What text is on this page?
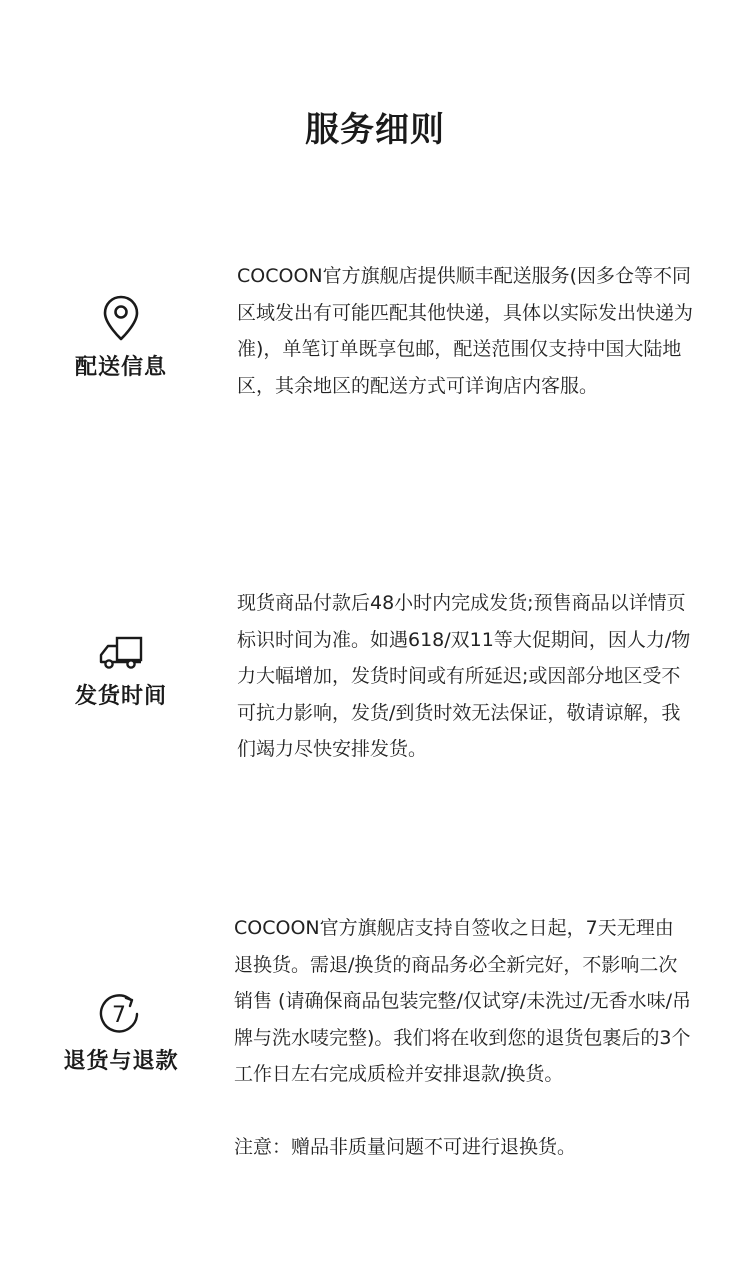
服务细则
配送信息

COCOON官方旗舰店提供顺丰配送服务(因多仓等不同区域发出有可能匹配其他快递，具体以实际发出快递为准)，单笔订单既享包邮，配送范围仅支持中国大陆地区，其余地区的配送方式可详询店内客服。

发货时间

现货商品付款后48小时内完成发货;预售商品以详情页标识时间为准。如遇618/双11等大促期间，因人力/物力大幅增加，发货时间或有所延迟;或因部分地区受不可抗力影响，发货/到货时效无法保证，敬请谅解，我们竭力尽快安排发货。

7
退货与退款

COCOON官方旗舰店支持自签收之日起，7天无理由退换货。需退/换货的商品务必全新完好，不影响二次销售 (请确保商品包装完整/仅试穿/未洗过/无香水味/吊牌与洗水唛完整)。我们将在收到您的退货包裹后的3个工作日左右完成质检并安排退款/换货。

注意：赠品非质量问题不可进行退换货。
